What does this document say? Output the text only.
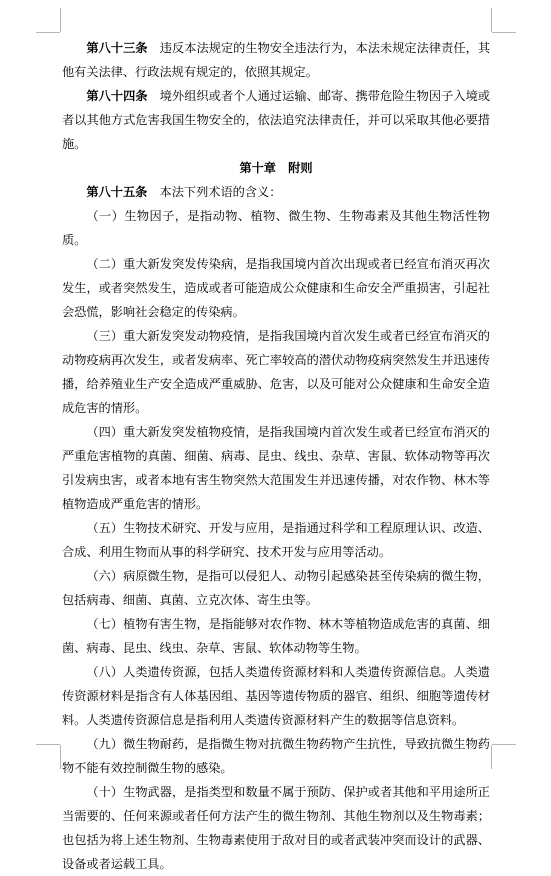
第八十三条　违反本法规定的生物安全违法行为，本法未规定法律责任，其他有关法律、行政法规有规定的，依照其规定。

第八十四条　境外组织或者个人通过运输、邮寄、携带危险生物因子入境或者以其他方式危害我国生物安全的，依法追究法律责任，并可以采取其他必要措施。

第十章　附则

第八十五条　本法下列术语的含义：

（一）生物因子，是指动物、植物、微生物、生物毒素及其他生物活性物质。

（二）重大新发突发传染病，是指我国境内首次出现或者已经宣布消灭再次发生，或者突然发生，造成或者可能造成公众健康和生命安全严重损害，引起社会恐慌，影响社会稳定的传染病。

（三）重大新发突发动物疫情，是指我国境内首次发生或者已经宣布消灭的动物疫病再次发生，或者发病率、死亡率较高的潜伏动物疫病突然发生并迅速传播，给养殖业生产安全造成严重威胁、危害，以及可能对公众健康和生命安全造成危害的情形。

（四）重大新发突发植物疫情，是指我国境内首次发生或者已经宣布消灭的严重危害植物的真菌、细菌、病毒、昆虫、线虫、杂草、害鼠、软体动物等再次引发病虫害，或者本地有害生物突然大范围发生并迅速传播，对农作物、林木等植物造成严重危害的情形。

（五）生物技术研究、开发与应用，是指通过科学和工程原理认识、改造、合成、利用生物而从事的科学研究、技术开发与应用等活动。

（六）病原微生物，是指可以侵犯人、动物引起感染甚至传染病的微生物，包括病毒、细菌、真菌、立克次体、寄生虫等。

（七）植物有害生物，是指能够对农作物、林木等植物造成危害的真菌、细菌、病毒、昆虫、线虫、杂草、害鼠、软体动物等生物。

（八）人类遗传资源，包括人类遗传资源材料和人类遗传资源信息。人类遗传资源材料是指含有人体基因组、基因等遗传物质的器官、组织、细胞等遗传材料。人类遗传资源信息是指利用人类遗传资源材料产生的数据等信息资料。

（九）微生物耐药，是指微生物对抗微生物药物产生抗性，导致抗微生物药物不能有效控制微生物的感染。

（十）生物武器，是指类型和数量不属于预防、保护或者其他和平用途所正当需要的、任何来源或者任何方法产生的微生物剂、其他生物剂以及生物毒素；也包括为将上述生物剂、生物毒素使用于敌对目的或者武装冲突而设计的武器、设备或者运载工具。
